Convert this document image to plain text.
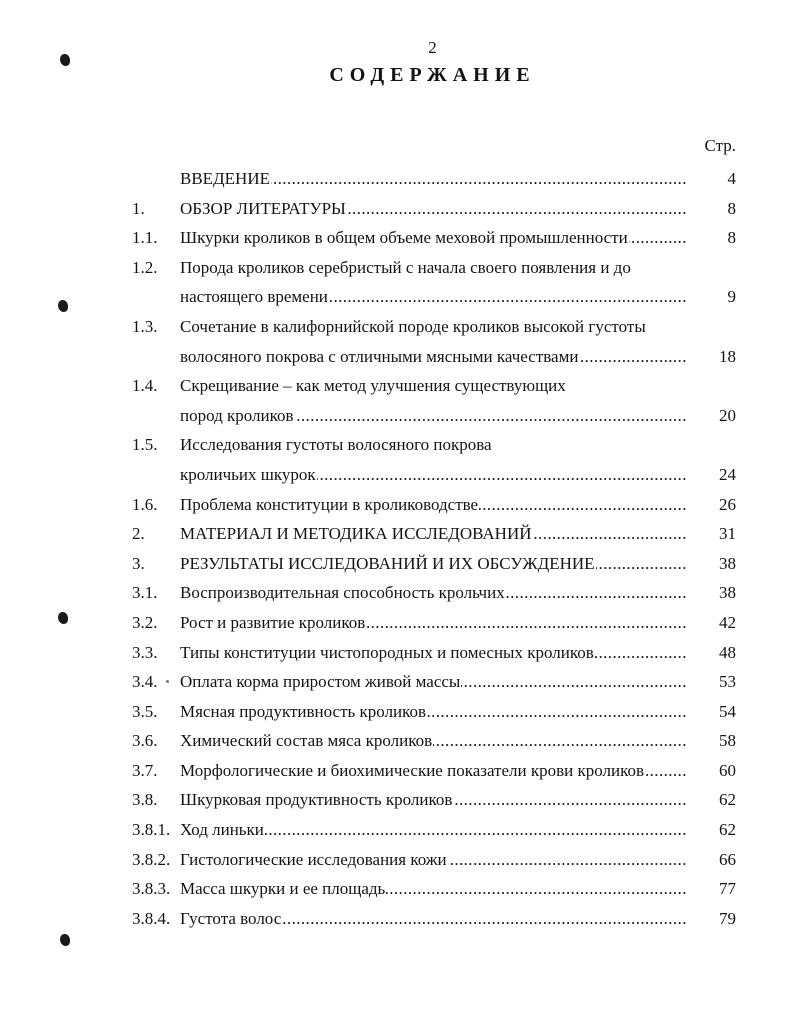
2
СОДЕРЖАНИЕ
Стр.
ВВЕДЕНИЕ .....	4
1. ОБЗОР ЛИТЕРАТУРЫ .....	8
1.1. Шкурки кроликов в общем объеме меховой промышленности .....	8
1.2. Порода кроликов серебристый с начала своего появления и до
настоящего времени .....	9
1.3. Сочетание в калифорнийской породе кроликов высокой густоты
волосяного покрова с отличными мясными качествами .....	18
1.4. Скрещивание – как метод улучшения существующих
пород кроликов .....	20
1.5. Исследования густоты волосяного покрова
кроличьих шкурок .....	24
1.6. Проблема конституции в кролиководстве .....	26
2. МАТЕРИАЛ И МЕТОДИКА ИССЛЕДОВАНИЙ .....	31
3. РЕЗУЛЬТАТЫ ИССЛЕДОВАНИЙ И ИХ ОБСУЖДЕНИЕ .....	38
3.1. Воспроизводительная способность крольчих .....	38
3.2. Рост и развитие кроликов .....	42
3.3. Типы конституции чистопородных и помесных кроликов .....	48
3.4. Оплата корма приростом живой массы .....	53
3.5. Мясная продуктивность кроликов .....	54
3.6. Химический состав мяса кроликов .....	58
3.7. Морфологические и биохимические показатели крови кроликов .....	60
3.8. Шкурковая продуктивность кроликов .....	62
3.8.1. Ход линьки .....	62
3.8.2. Гистологические исследования кожи .....	66
3.8.3. Масса шкурки и ее площадь .....	77
3.8.4. Густота волос .....	79
